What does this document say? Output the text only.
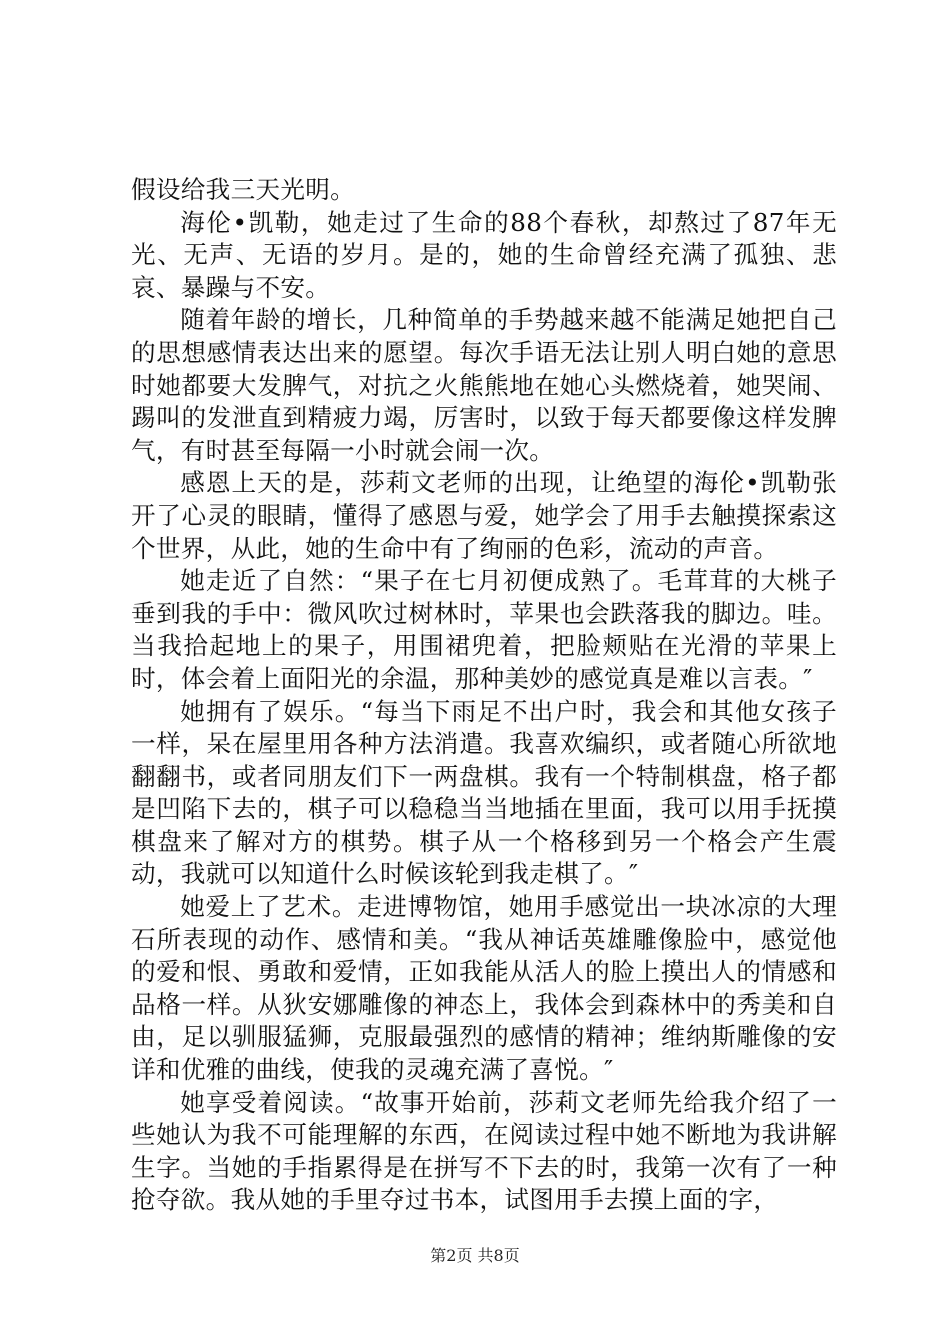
假设给我三天光明。

海伦•凯勒，她走过了生命的88个春秋，却熬过了87年无光、无声、无语的岁月。是的，她的生命曾经充满了孤独、悲哀、暴躁与不安。

随着年龄的增长，几种简单的手势越来越不能满足她把自己的思想感情表达出来的愿望。每次手语无法让别人明白她的意思时她都要大发脾气，对抗之火熊熊地在她心头燃烧着，她哭闹、踢叫的发泄直到精疲力竭，厉害时，以致于每天都要像这样发脾气，有时甚至每隔一小时就会闹一次。

感恩上天的是，莎莉文老师的出现，让绝望的海伦•凯勒张开了心灵的眼睛，懂得了感恩与爱，她学会了用手去触摸探索这个世界，从此，她的生命中有了绚丽的色彩，流动的声音。

她走近了自然：“果子在七月初便成熟了。毛茸茸的大桃子垂到我的手中：微风吹过树林时，苹果也会跌落我的脚边。哇。当我拾起地上的果子，用围裙兜着，把脸颊贴在光滑的苹果上时，体会着上面阳光的余温，那种美妙的感觉真是难以言表。″

她拥有了娱乐。“每当下雨足不出户时，我会和其他女孩子一样，呆在屋里用各种方法消遣。我喜欢编织，或者随心所欲地翻翻书，或者同朋友们下一两盘棋。我有一个特制棋盘，格子都是凹陷下去的，棋子可以稳稳当当地插在里面，我可以用手抚摸棋盘来了解对方的棋势。棋子从一个格移到另一个格会产生震动，我就可以知道什么时候该轮到我走棋了。″

她爱上了艺术。走进博物馆，她用手感觉出一块冰凉的大理石所表现的动作、感情和美。“我从神话英雄雕像脸中，感觉他的爱和恨、勇敢和爱情，正如我能从活人的脸上摸出人的情感和品格一样。从狄安娜雕像的神态上，我体会到森林中的秀美和自由，足以驯服猛狮，克服最强烈的感情的精神；维纳斯雕像的安详和优雅的曲线，使我的灵魂充满了喜悦。″

她享受着阅读。“故事开始前，莎莉文老师先给我介绍了一些她认为我不可能理解的东西，在阅读过程中她不断地为我讲解生字。当她的手指累得是在拼写不下去的时，我第一次有了一种抢夺欲。我从她的手里夺过书本，试图用手去摸上面的字，

第2页 共8页
